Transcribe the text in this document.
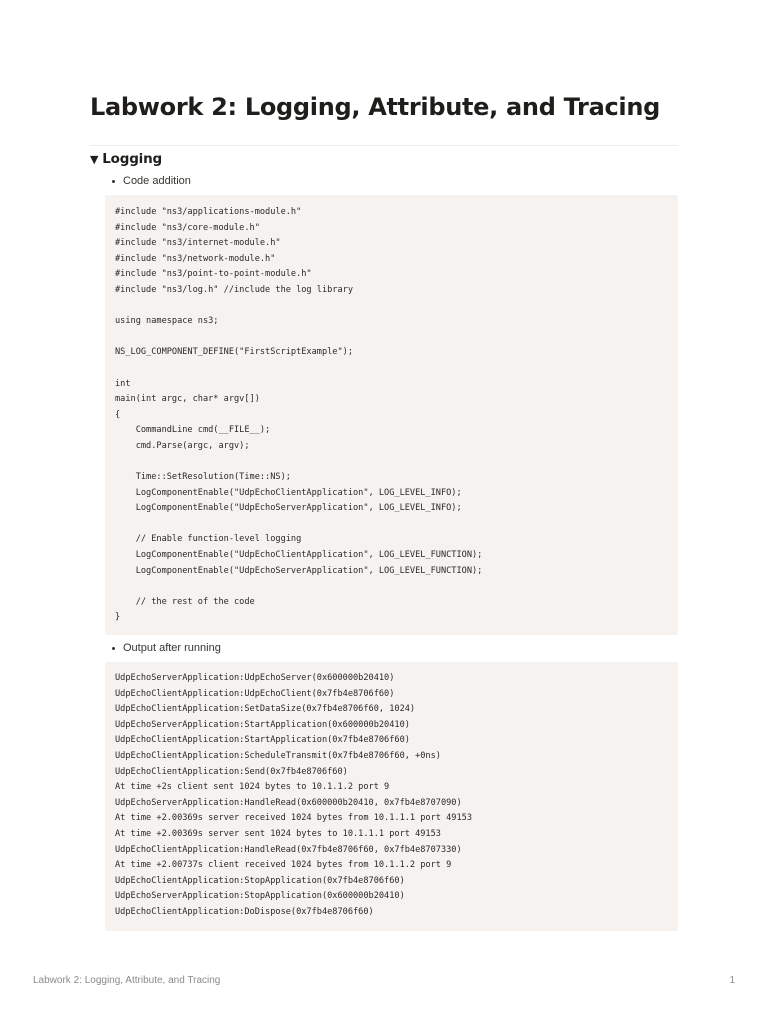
Labwork 2: Logging, Attribute, and Tracing
▼ Logging
Code addition
#include "ns3/applications-module.h"
#include "ns3/core-module.h"
#include "ns3/internet-module.h"
#include "ns3/network-module.h"
#include "ns3/point-to-point-module.h"
#include "ns3/log.h" //include the log library
using namespace ns3;
NS_LOG_COMPONENT_DEFINE("FirstScriptExample");
int
main(int argc, char* argv[])
{
CommandLine cmd(__FILE__);
cmd.Parse(argc, argv);
Time::SetResolution(Time::NS);
LogComponentEnable("UdpEchoClientApplication", LOG_LEVEL_INFO);
LogComponentEnable("UdpEchoServerApplication", LOG_LEVEL_INFO);
// Enable function-level logging
LogComponentEnable("UdpEchoClientApplication", LOG_LEVEL_FUNCTION);
LogComponentEnable("UdpEchoServerApplication", LOG_LEVEL_FUNCTION);
// the rest of the code
}
Output after running
UdpEchoServerApplication:UdpEchoServer(0x600000b20410)
UdpEchoClientApplication:UdpEchoClient(0x7fb4e8706f60)
UdpEchoClientApplication:SetDataSize(0x7fb4e8706f60, 1024)
UdpEchoServerApplication:StartApplication(0x600000b20410)
UdpEchoClientApplication:StartApplication(0x7fb4e8706f60)
UdpEchoClientApplication:ScheduleTransmit(0x7fb4e8706f60, +0ns)
UdpEchoClientApplication:Send(0x7fb4e8706f60)
At time +2s client sent 1024 bytes to 10.1.1.2 port 9
UdpEchoServerApplication:HandleRead(0x600000b20410, 0x7fb4e8707090)
At time +2.00369s server received 1024 bytes from 10.1.1.1 port 49153
At time +2.00369s server sent 1024 bytes to 10.1.1.1 port 49153
UdpEchoClientApplication:HandleRead(0x7fb4e8706f60, 0x7fb4e8707330)
At time +2.00737s client received 1024 bytes from 10.1.1.2 port 9
UdpEchoClientApplication:StopApplication(0x7fb4e8706f60)
UdpEchoServerApplication:StopApplication(0x600000b20410)
UdpEchoClientApplication:DoDispose(0x7fb4e8706f60)
Labwork 2: Logging, Attribute, and Tracing	1
